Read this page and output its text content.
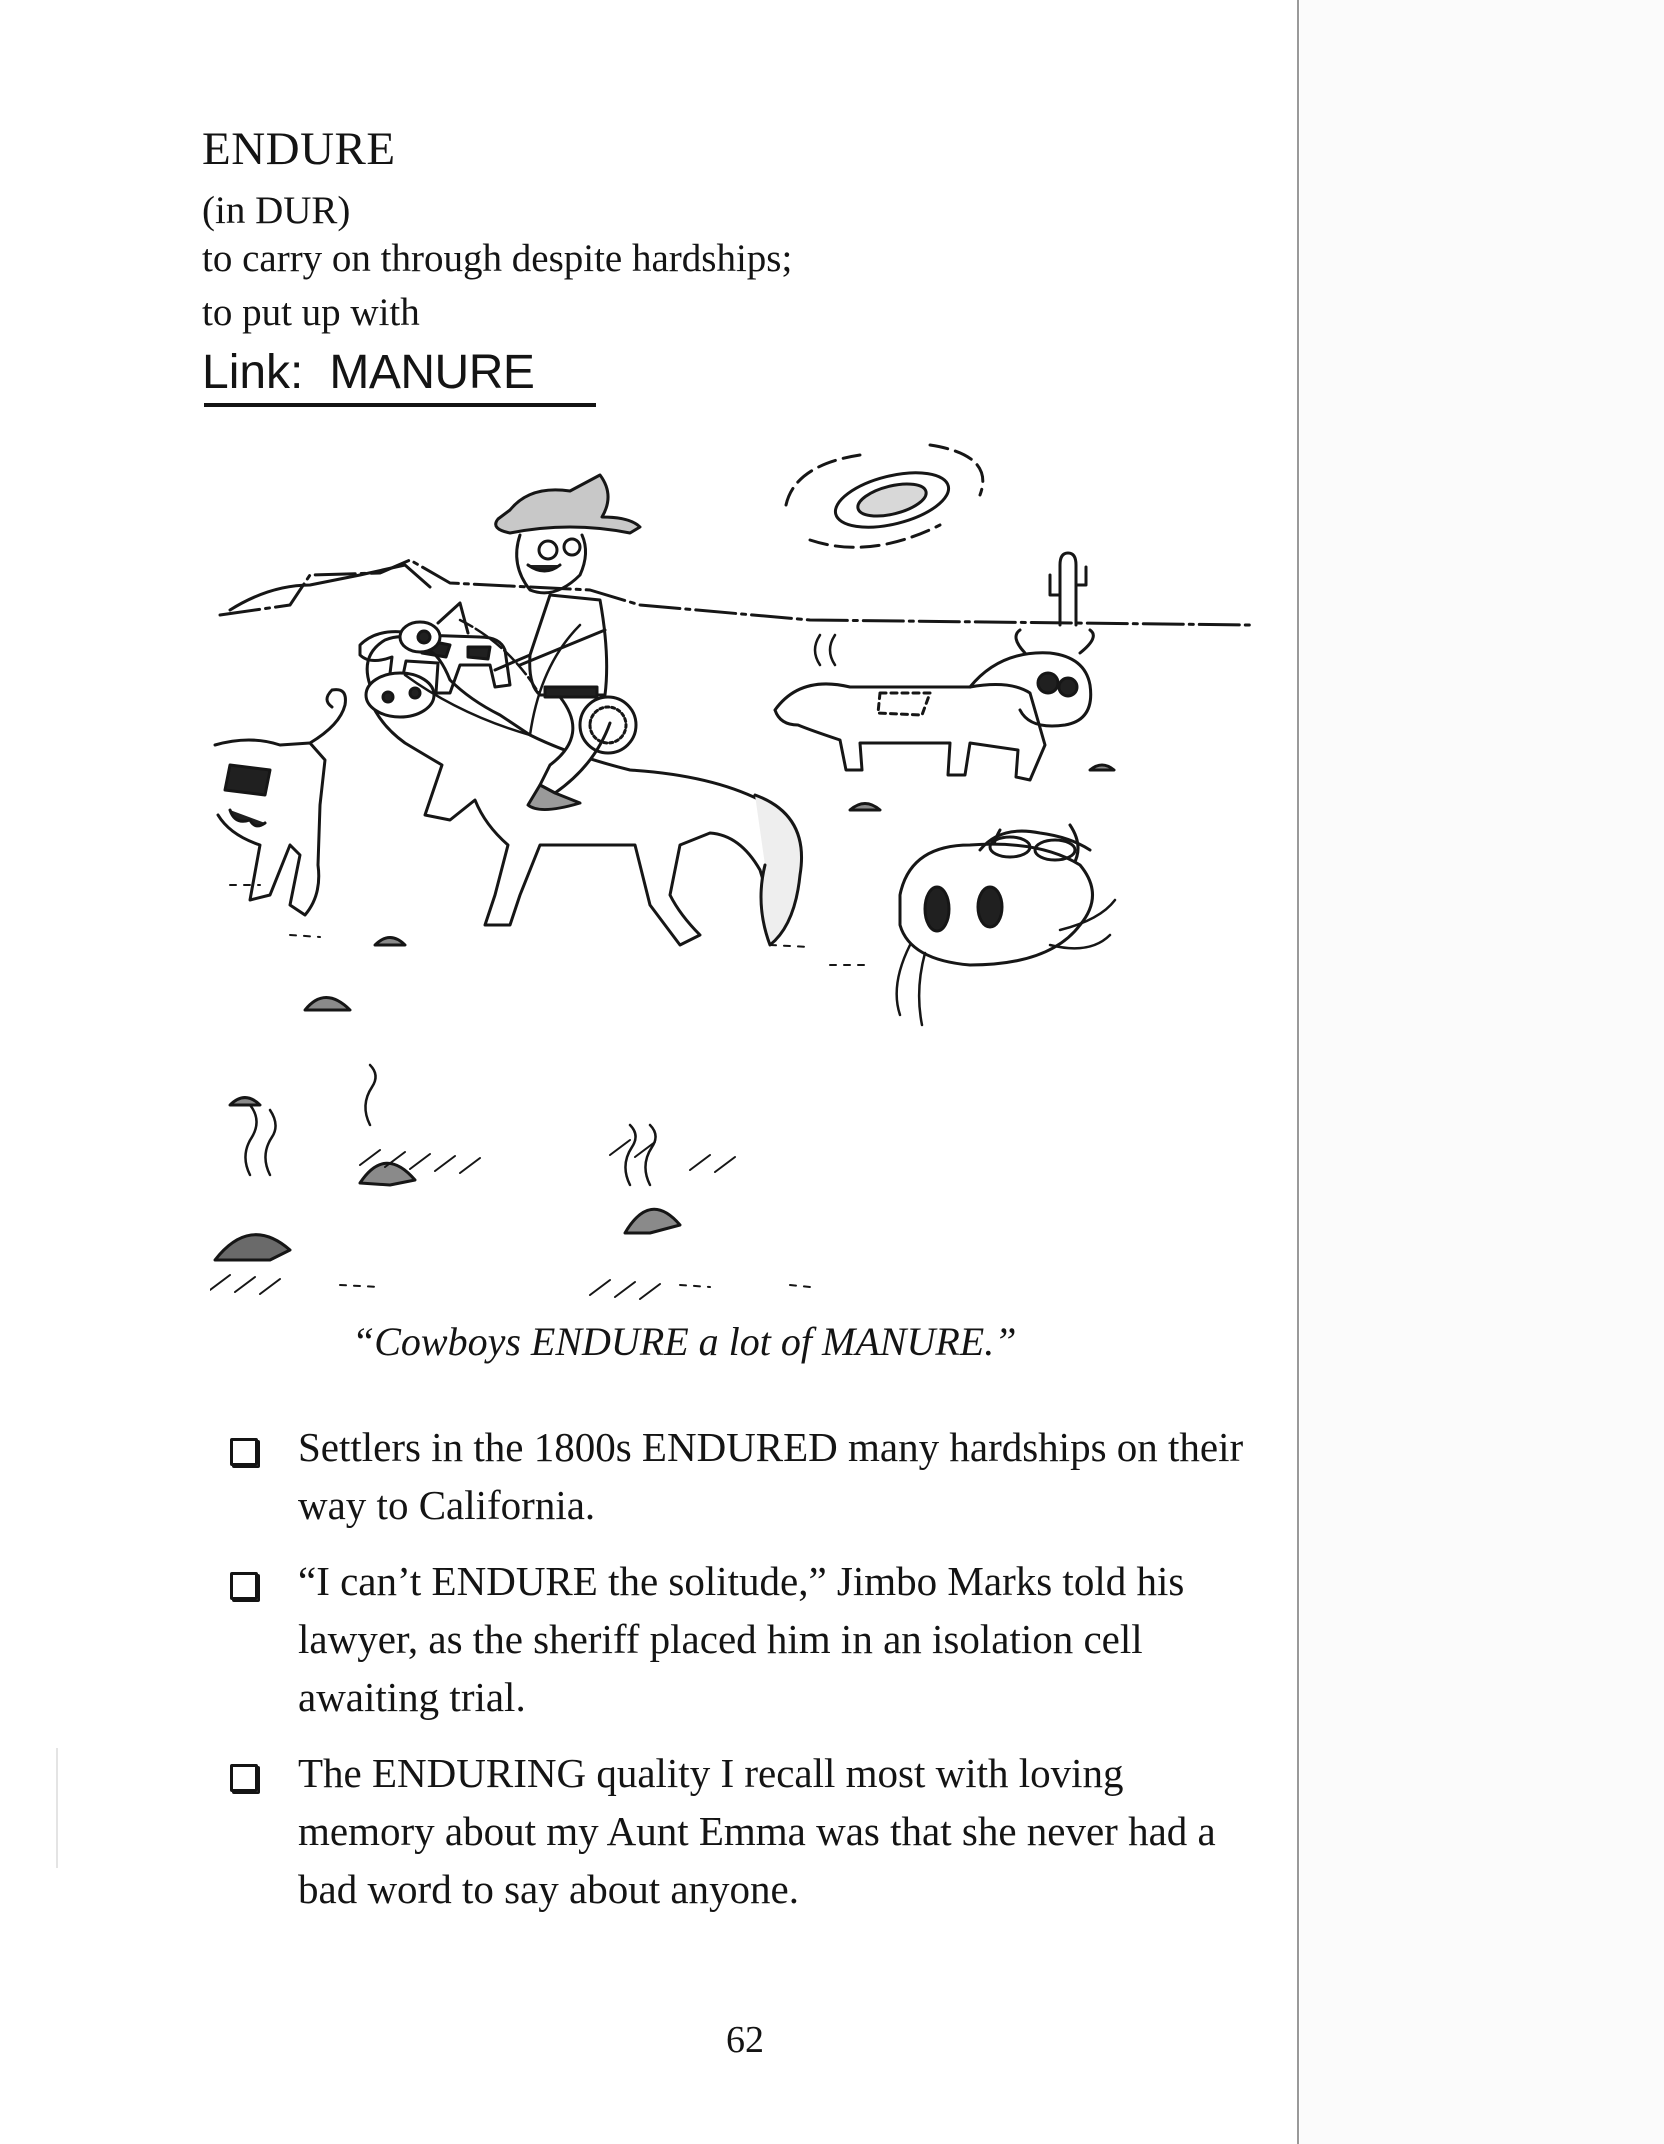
ENDURE
(in DUR)
to carry on through despite hardships; to put up with
Link: MANURE
“Cowboys ENDURE a lot of MANURE.”
Settlers in the 1800s ENDURED many hardships on their way to California.
“I can’t ENDURE the solitude,” Jimbo Marks told his lawyer, as the sheriff placed him in an isolation cell awaiting trial.
The ENDURING quality I recall most with loving memory about my Aunt Emma was that she never had a bad word to say about anyone.
62
